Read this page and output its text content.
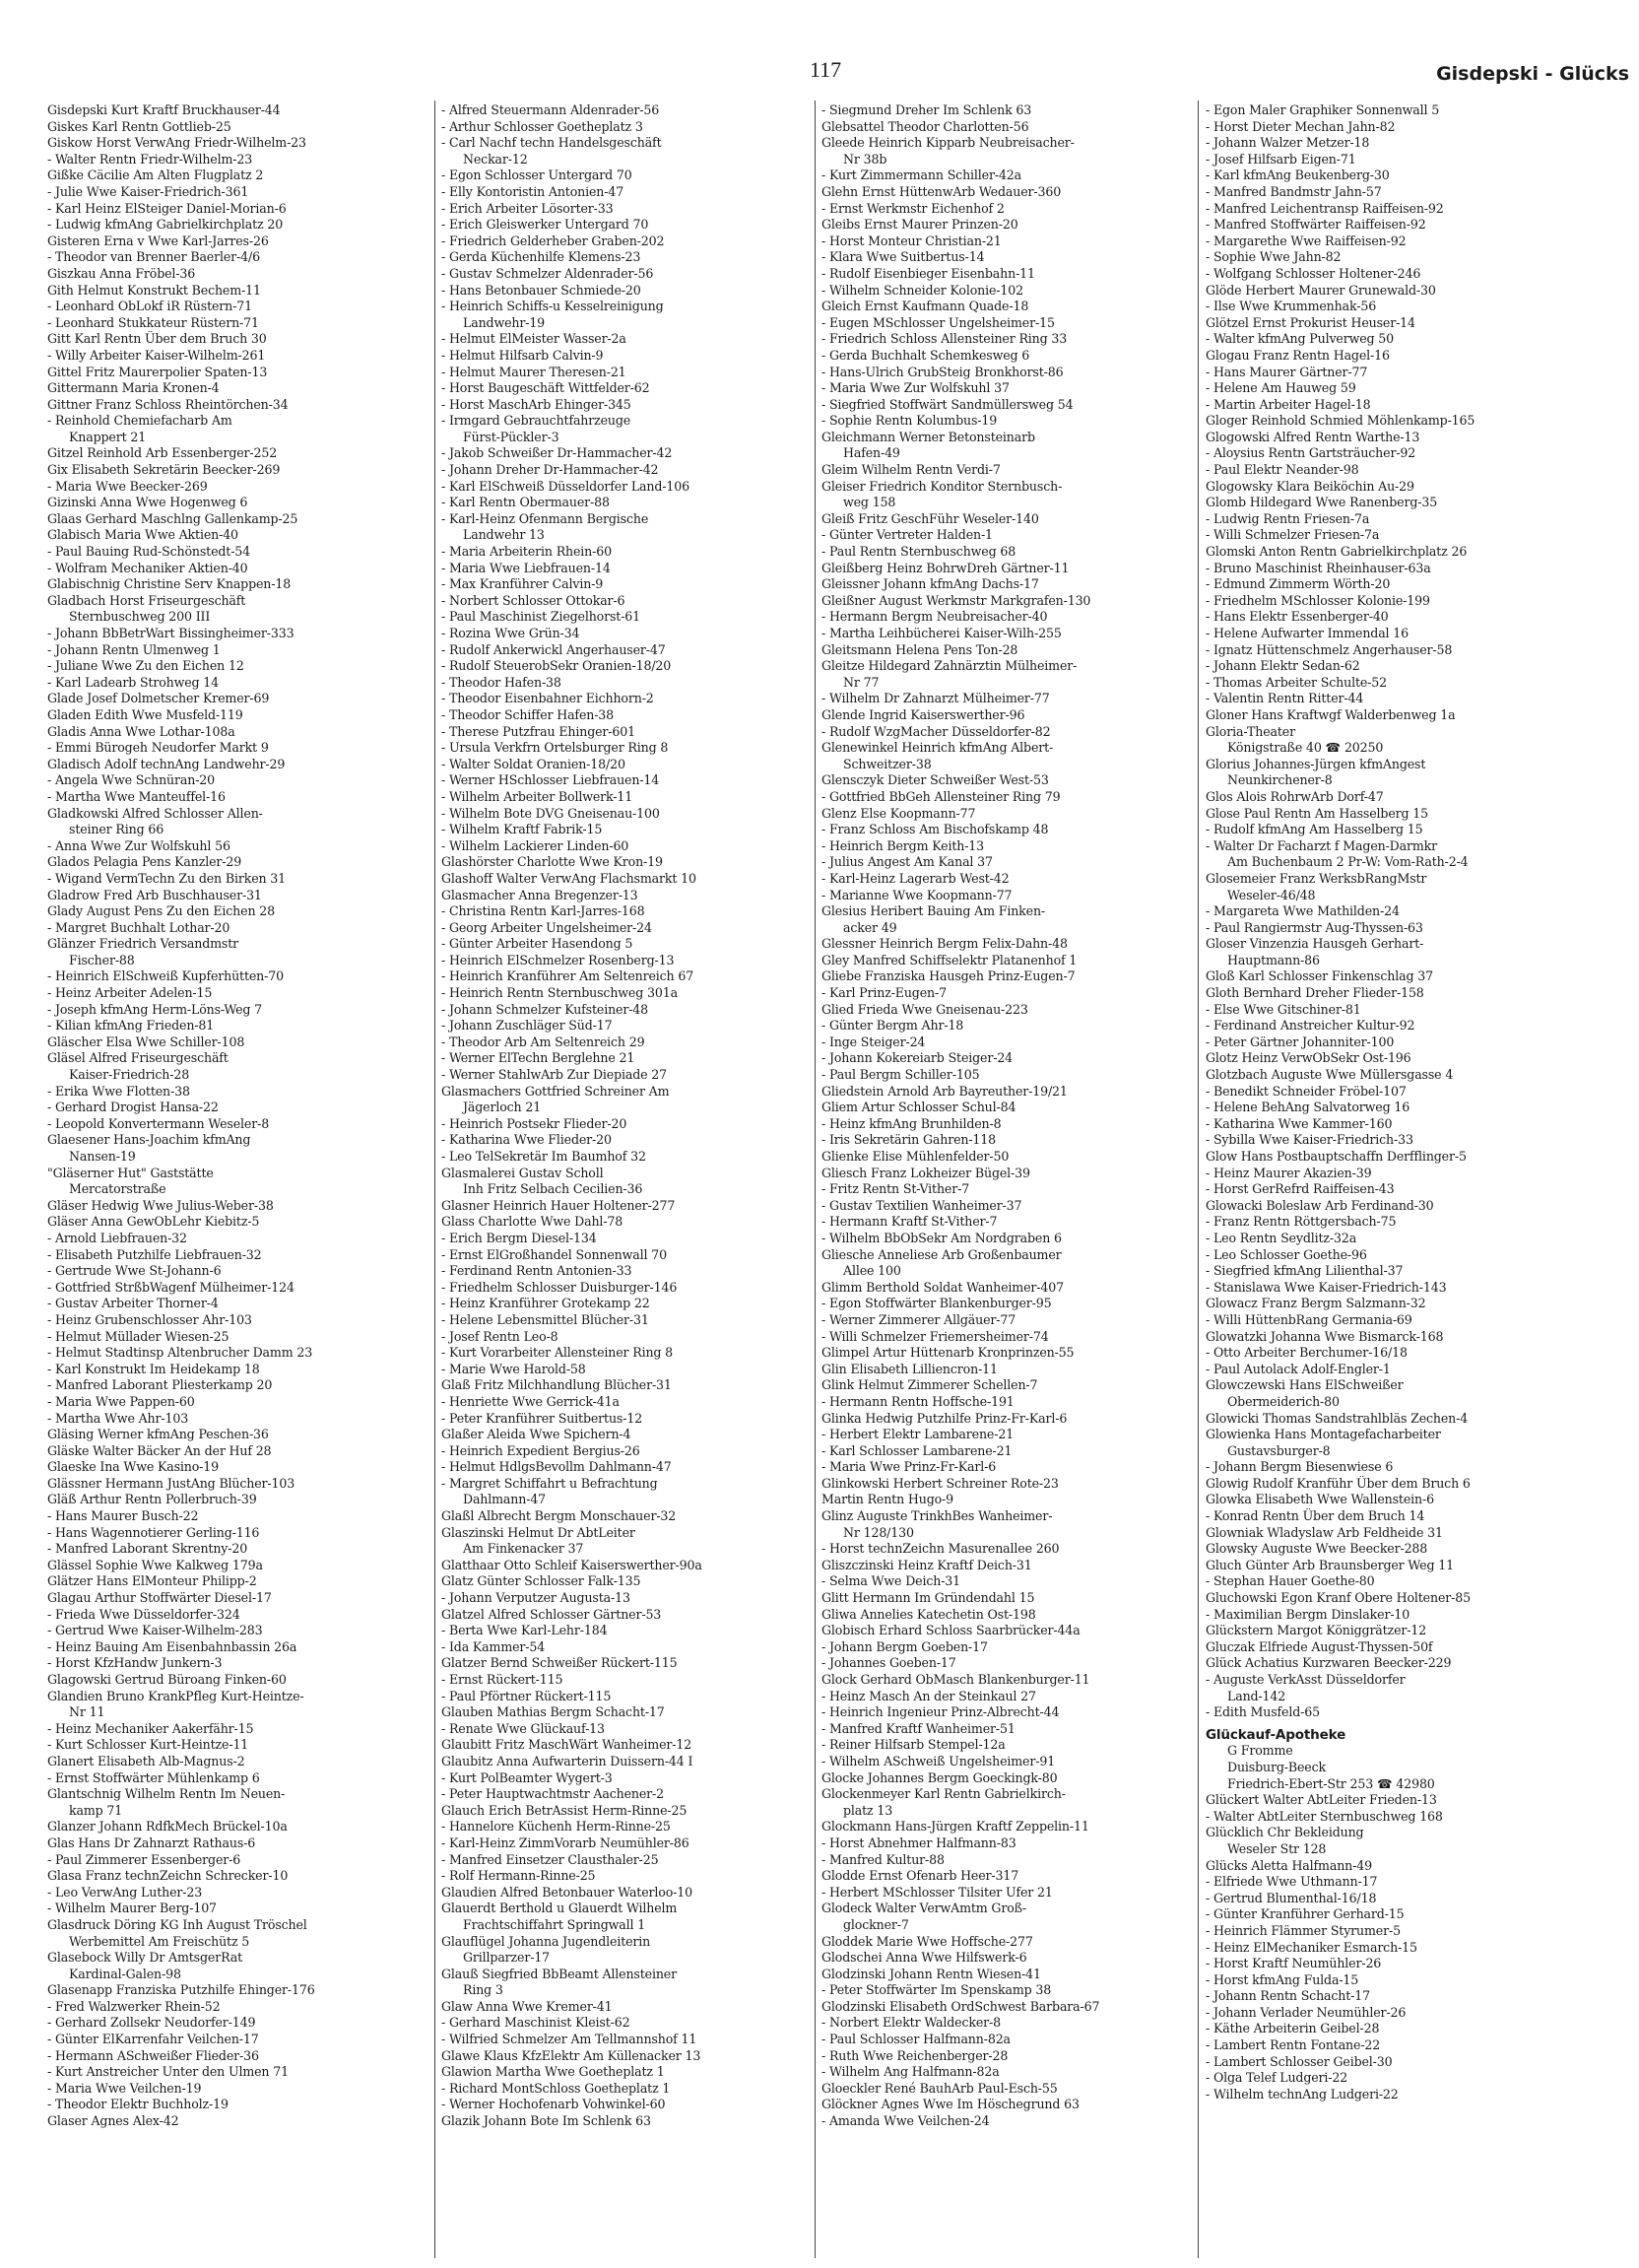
117	Gisdepski - Glücks
Gisdepski Kurt Kraftf Bruckhauser-44
Giskes Karl Rentn Gottlieb-25
Giskow Horst VerwAng Friedr-Wilhelm-23
- Walter Rentn Friedr-Wilhelm-23
Gißke Cäcilie Am Alten Flugplatz 2
- Julie Wwe Kaiser-Friedrich-361
- Karl Heinz ElSteiger Daniel-Morian-6
- Ludwig kfmAng Gabrielkirchplatz 20
Gisteren Erna v Wwe Karl-Jarres-26
- Theodor van Brenner Baerler-4/6
Giszkau Anna Fröbel-36
Gith Helmut Konstrukt Bechem-11
- Leonhard ObLokf iR Rüstern-71
- Leonhard Stukkateur Rüstern-71
Gitt Karl Rentn Über dem Bruch 30
- Willy Arbeiter Kaiser-Wilhelm-261
Gittel Fritz Maurerpolier Spaten-13
Gittermann Maria Kronen-4
Gittner Franz Schloss Rheintörchen-34
- Reinhold Chemiefacharb Am
Knappert 21
Gitzel Reinhold Arb Essenberger-252
Gix Elisabeth Sekretärin Beecker-269
- Maria Wwe Beecker-269
Gizinski Anna Wwe Hogenweg 6
Glaas Gerhard Maschlng Gallenkamp-25
Glabisch Maria Wwe Aktien-40
- Paul Bauing Rud-Schönstedt-54
- Wolfram Mechaniker Aktien-40
Glabischnig Christine Serv Knappen-18
Gladbach Horst Friseurgeschäft
Sternbuschweg 200 III
- Johann BbBetrWart Bissingheimer-333
- Johann Rentn Ulmenweg 1
- Juliane Wwe Zu den Eichen 12
- Karl Ladearb Strohweg 14
Glade Josef Dolmetscher Kremer-69
Gladen Edith Wwe Musfeld-119
Gladis Anna Wwe Lothar-108a
- Emmi Bürogeh Neudorfer Markt 9
Gladisch Adolf technAng Landwehr-29
- Angela Wwe Schnüran-20
- Martha Wwe Manteuffel-16
Gladkowski Alfred Schlosser Allen-
steiner Ring 66
- Anna Wwe Zur Wolfskuhl 56
Glados Pelagia Pens Kanzler-29
- Wigand VermTechn Zu den Birken 31
Gladrow Fred Arb Buschhauser-31
Glady August Pens Zu den Eichen 28
- Margret Buchhalt Lothar-20
Glänzer Friedrich Versandmstr
Fischer-88
- Heinrich ElSchweiß Kupferhütten-70
- Heinz Arbeiter Adelen-15
- Joseph kfmAng Herm-Löns-Weg 7
- Kilian kfmAng Frieden-81
Gläscher Elsa Wwe Schiller-108
Gläsel Alfred Friseurgeschäft
Kaiser-Friedrich-28
- Erika Wwe Flotten-38
- Gerhard Drogist Hansa-22
- Leopold Konvertermann Weseler-8
Glaesener Hans-Joachim kfmAng
Nansen-19
"Gläserner Hut" Gaststätte
Mercatorstraße
Gläser Hedwig Wwe Julius-Weber-38
Gläser Anna GewObLehr Kiebitz-5
- Arnold Liebfrauen-32
- Elisabeth Putzhilfe Liebfrauen-32
- Gertrude Wwe St-Johann-6
- Gottfried StrßbWagenf Mülheimer-124
- Gustav Arbeiter Thorner-4
- Heinz Grubenschlosser Ahr-103
- Helmut Müllader Wiesen-25
- Helmut Stadtinsp Altenbrucher Damm 23
- Karl Konstrukt Im Heidekamp 18
- Manfred Laborant Pliesterkamp 20
- Maria Wwe Pappen-60
- Martha Wwe Ahr-103
Gläsing Werner kfmAng Peschen-36
Gläske Walter Bäcker An der Huf 28
Glaeske Ina Wwe Kasino-19
Glässner Hermann JustAng Blücher-103
Gläß Arthur Rentn Pollerbruch-39
- Hans Maurer Busch-22
- Hans Wagennotierer Gerling-116
- Manfred Laborant Skrentny-20
Glässel Sophie Wwe Kalkweg 179a
Glätzer Hans ElMonteur Philipp-2
Glagau Arthur Stoffwärter Diesel-17
- Frieda Wwe Düsseldorfer-324
- Gertrud Wwe Kaiser-Wilhelm-283
- Heinz Bauing Am Eisenbahnbassin 26a
- Horst KfzHandw Junkern-3
Glagowski Gertrud Büroang Finken-60
Glandien Bruno KrankPfleg Kurt-Heintze-
Nr 11
- Heinz Mechaniker Aakerfähr-15
- Kurt Schlosser Kurt-Heintze-11
Glanert Elisabeth Alb-Magnus-2
- Ernst Stoffwärter Mühlenkamp 6
Glantschnig Wilhelm Rentn Im Neuen-
kamp 71
Glanzer Johann RdfkMech Brückel-10a
Glas Hans Dr Zahnarzt Rathaus-6
- Paul Zimmerer Essenberger-6
Glasa Franz technZeichn Schrecker-10
- Leo VerwAng Luther-23
- Wilhelm Maurer Berg-107
Glasdruck Döring KG Inh August Tröschel
Werbemittel Am Freischütz 5
Glasebock Willy Dr AmtsgerRat
Kardinal-Galen-98
Glasenapp Franziska Putzhilfe Ehinger-176
- Fred Walzwerker Rhein-52
- Gerhard Zollsekr Neudorfer-149
- Günter ElKarrenfahr Veilchen-17
- Hermann ASchweißer Flieder-36
- Kurt Anstreicher Unter den Ulmen 71
- Maria Wwe Veilchen-19
- Theodor Elektr Buchholz-19
Glaser Agnes Alex-42
- Alfred Steuermann Aldenrader-56
- Arthur Schlosser Goetheplatz 3
- Carl Nachf techn Handelsgeschäft
Neckar-12
- Egon Schlosser Untergard 70
- Elly Kontoristin Antonien-47
- Erich Arbeiter Lösorter-33
- Erich Gleiswerker Untergard 70
- Friedrich Gelderheber Graben-202
- Gerda Küchenhilfe Klemens-23
- Gustav Schmelzer Aldenrader-56
- Hans Betonbauer Schmiede-20
- Heinrich Schiffs-u Kesselreinigung
Landwehr-19
- Helmut ElMeister Wasser-2a
- Helmut Hilfsarb Calvin-9
- Helmut Maurer Theresen-21
- Horst Baugeschäft Wittfelder-62
- Horst MaschArb Ehinger-345
- Irmgard Gebrauchtfahrzeuge
Fürst-Pückler-3
- Jakob Schweißer Dr-Hammacher-42
- Johann Dreher Dr-Hammacher-42
- Karl ElSchweiß Düsseldorfer Land-106
- Karl Rentn Obermauer-88
- Karl-Heinz Ofenmann Bergische
Landwehr 13
- Maria Arbeiterin Rhein-60
- Maria Wwe Liebfrauen-14
- Max Kranführer Calvin-9
- Norbert Schlosser Ottokar-6
- Paul Maschinist Ziegelhorst-61
- Rozina Wwe Grün-34
- Rudolf Ankerwickl Angerhauser-47
- Rudolf SteuerobSekr Oranien-18/20
- Theodor Hafen-38
- Theodor Eisenbahner Eichhorn-2
- Theodor Schiffer Hafen-38
- Therese Putzfrau Ehinger-601
- Ursula Verkfrn Ortelsburger Ring 8
- Walter Soldat Oranien-18/20
- Werner HSchlosser Liebfrauen-14
- Wilhelm Arbeiter Bollwerk-11
- Wilhelm Bote DVG Gneisenau-100
- Wilhelm Kraftf Fabrik-15
- Wilhelm Lackierer Linden-60
Glashörster Charlotte Wwe Kron-19
Glashoff Walter VerwAng Flachsmarkt 10
Glasmacher Anna Bregenzer-13
- Christina Rentn Karl-Jarres-168
- Georg Arbeiter Ungelsheimer-24
- Günter Arbeiter Hasendong 5
- Heinrich ElSchmelzer Rosenberg-13
- Heinrich Kranführer Am Seltenreich 67
- Heinrich Rentn Sternbuschweg 301a
- Johann Schmelzer Kufsteiner-48
- Johann Zuschläger Süd-17
- Theodor Arb Am Seltenreich 29
- Werner ElTechn Berglehne 21
- Werner StahlwArb Zur Diepiade 27
Glasmachers Gottfried Schreiner Am
Jägerloch 21
- Heinrich Postsekr Flieder-20
- Katharina Wwe Flieder-20
- Leo TelSekretär Im Baumhof 32
Glasmalerei Gustav Scholl
Inh Fritz Selbach Cecilien-36
Glasner Heinrich Hauer Holtener-277
Glass Charlotte Wwe Dahl-78
- Erich Bergm Diesel-134
- Ernst ElGroßhandel Sonnenwall 70
- Ferdinand Rentn Antonien-33
- Friedhelm Schlosser Duisburger-146
- Heinz Kranführer Grotekamp 22
- Helene Lebensmittel Blücher-31
- Josef Rentn Leo-8
- Kurt Vorarbeiter Allensteiner Ring 8
- Marie Wwe Harold-58
Glaß Fritz Milchhandlung Blücher-31
- Henriette Wwe Gerrick-41a
- Peter Kranführer Suitbertus-12
Glaßer Aleida Wwe Spichern-4
- Heinrich Expedient Bergius-26
- Helmut HdlgsBevollm Dahlmann-47
- Margret Schiffahrt u Befrachtung
Dahlmann-47
Glaßl Albrecht Bergm Monschauer-32
Glaszinski Helmut Dr AbtLeiter
Am Finkenacker 37
Glatthaar Otto Schleif Kaiserswerther-90a
Glatz Günter Schlosser Falk-135
- Johann Verputzer Augusta-13
Glatzel Alfred Schlosser Gärtner-53
- Berta Wwe Karl-Lehr-184
- Ida Kammer-54
Glatzer Bernd Schweißer Rückert-115
- Ernst Rückert-115
- Paul Pförtner Rückert-115
Glauben Mathias Bergm Schacht-17
- Renate Wwe Glückauf-13
Glaubitt Fritz MaschWärt Wanheimer-12
Glaubitz Anna Aufwarterin Duissern-44 I
- Kurt PolBeamter Wygert-3
- Peter Hauptwachtmstr Aachener-2
Glauch Erich BetrAssist Herm-Rinne-25
- Hannelore Küchenh Herm-Rinne-25
- Karl-Heinz ZimmVorarb Neumühler-86
- Manfred Einsetzer Clausthaler-25
- Rolf Hermann-Rinne-25
Glaudien Alfred Betonbauer Waterloo-10
Glauerdt Berthold u Glauerdt Wilhelm
Frachtschiffahrt Springwall 1
Glauflügel Johanna Jugendleiterin
Grillparzer-17
Glauß Siegfried BbBeamt Allensteiner
Ring 3
Glaw Anna Wwe Kremer-41
- Gerhard Maschinist Kleist-62
- Wilfried Schmelzer Am Tellmannshof 11
Glawe Klaus KfzElektr Am Küllenacker 13
Glawion Martha Wwe Goetheplatz 1
- Richard MontSchloss Goetheplatz 1
- Werner Hochofenarb Vohwinkel-60
Glazik Johann Bote Im Schlenk 63
- Siegmund Dreher Im Schlenk 63
Glebsattel Theodor Charlotten-56
Gleede Heinrich Kipparb Neubreisacher-
Nr 38b
- Kurt Zimmermann Schiller-42a
Glehn Ernst HüttenwArb Wedauer-360
- Ernst Werkmstr Eichenhof 2
Gleibs Ernst Maurer Prinzen-20
- Horst Monteur Christian-21
- Klara Wwe Suitbertus-14
- Rudolf Eisenbieger Eisenbahn-11
- Wilhelm Schneider Kolonie-102
Gleich Ernst Kaufmann Quade-18
- Eugen MSchlosser Ungelsheimer-15
- Friedrich Schloss Allensteiner Ring 33
- Gerda Buchhalt Schemkesweg 6
- Hans-Ulrich GrubSteig Bronkhorst-86
- Maria Wwe Zur Wolfskuhl 37
- Siegfried Stoffwärt Sandmüllersweg 54
- Sophie Rentn Kolumbus-19
Gleichmann Werner Betonsteinarb
Hafen-49
Gleim Wilhelm Rentn Verdi-7
Gleiser Friedrich Konditor Sternbusch-
weg 158
Gleiß Fritz GeschFühr Weseler-140
- Günter Vertreter Halden-1
- Paul Rentn Sternbuschweg 68
Gleißberg Heinz BohrwDreh Gärtner-11
Gleissner Johann kfmAng Dachs-17
Gleißner August Werkmstr Markgrafen-130
- Hermann Bergm Neubreisacher-40
- Martha Leihbücherei Kaiser-Wilh-255
Gleitsmann Helena Pens Ton-28
Gleitze Hildegard Zahnärztin Mülheimer-
Nr 77
- Wilhelm Dr Zahnarzt Mülheimer-77
Glende Ingrid Kaiserswerther-96
- Rudolf WzgMacher Düsseldorfer-82
Glenewinkel Heinrich kfmAng Albert-
Schweitzer-38
Glensczyk Dieter Schweißer West-53
- Gottfried BbGeh Allensteiner Ring 79
Glenz Else Koopmann-77
- Franz Schloss Am Bischofskamp 48
- Heinrich Bergm Keith-13
- Julius Angest Am Kanal 37
- Karl-Heinz Lagerarb West-42
- Marianne Wwe Koopmann-77
Glesius Heribert Bauing Am Finken-
acker 49
Glessner Heinrich Bergm Felix-Dahn-48
Gley Manfred Schiffselektr Platanenhof 1
Gliebe Franziska Hausgeh Prinz-Eugen-7
- Karl Prinz-Eugen-7
Glied Frieda Wwe Gneisenau-223
- Günter Bergm Ahr-18
- Inge Steiger-24
- Johann Kokereiarb Steiger-24
- Paul Bergm Schiller-105
Gliedstein Arnold Arb Bayreuther-19/21
Gliem Artur Schlosser Schul-84
- Heinz kfmAng Brunhilden-8
- Iris Sekretärin Gahren-118
Glienke Elise Mühlenfelder-50
Gliesch Franz Lokheizer Bügel-39
- Fritz Rentn St-Vither-7
- Gustav Textilien Wanheimer-37
- Hermann Kraftf St-Vither-7
- Wilhelm BbObSekr Am Nordgraben 6
Gliesche Anneliese Arb Großenbaumer
Allee 100
Glimm Berthold Soldat Wanheimer-407
- Egon Stoffwärter Blankenburger-95
- Werner Zimmerer Allgäuer-77
- Willi Schmelzer Friemersheimer-74
Glimpel Artur Hüttenarb Kronprinzen-55
Glin Elisabeth Lilliencron-11
Glink Helmut Zimmerer Schellen-7
- Hermann Rentn Hoffsche-191
Glinka Hedwig Putzhilfe Prinz-Fr-Karl-6
- Herbert Elektr Lambarene-21
- Karl Schlosser Lambarene-21
- Maria Wwe Prinz-Fr-Karl-6
Glinkowski Herbert Schreiner Rote-23
Martin Rentn Hugo-9
Glinz Auguste TrinkhBes Wanheimer-
Nr 128/130
- Horst technZeichn Masurenallee 260
Gliszczinski Heinz Kraftf Deich-31
- Selma Wwe Deich-31
Glitt Hermann Im Gründendahl 15
Gliwa Annelies Katechetin Ost-198
Globisch Erhard Schloss Saarbrücker-44a
- Johann Bergm Goeben-17
- Johannes Goeben-17
Glock Gerhard ObMasch Blankenburger-11
- Heinz Masch An der Steinkaul 27
- Heinrich Ingenieur Prinz-Albrecht-44
- Manfred Kraftf Wanheimer-51
- Reiner Hilfsarb Stempel-12a
- Wilhelm ASchweiß Ungelsheimer-91
Glocke Johannes Bergm Goeckingk-80
Glockenmeyer Karl Rentn Gabrielkirch-
platz 13
Glockmann Hans-Jürgen Kraftf Zeppelin-11
- Horst Abnehmer Halfmann-83
- Manfred Kultur-88
Glodde Ernst Ofenarb Heer-317
- Herbert MSchlosser Tilsiter Ufer 21
Glodeck Walter VerwAmtm Groß-
glockner-7
Gloddek Marie Wwe Hoffsche-277
Glodschei Anna Wwe Hilfswerk-6
Glodzinski Johann Rentn Wiesen-41
- Peter Stoffwärter Im Spenskamp 38
Glodzinski Elisabeth OrdSchwest Barbara-67
- Norbert Elektr Waldecker-8
- Paul Schlosser Halfmann-82a
- Ruth Wwe Reichenberger-28
- Wilhelm Ang Halfmann-82a
Gloeckler René BauhArb Paul-Esch-55
Glöckner Agnes Wwe Im Höschegrund 63
- Amanda Wwe Veilchen-24
- Egon Maler Graphiker Sonnenwall 5
- Horst Dieter Mechan Jahn-82
- Johann Walzer Metzer-18
- Josef Hilfsarb Eigen-71
- Karl kfmAng Beukenberg-30
- Manfred Bandmstr Jahn-57
- Manfred Leichentransp Raiffeisen-92
- Manfred Stoffwärter Raiffeisen-92
- Margarethe Wwe Raiffeisen-92
- Sophie Wwe Jahn-82
- Wolfgang Schlosser Holtener-246
Glöde Herbert Maurer Grunewald-30
- Ilse Wwe Krummenhak-56
Glötzel Ernst Prokurist Heuser-14
- Walter kfmAng Pulverweg 50
Glogau Franz Rentn Hagel-16
- Hans Maurer Gärtner-77
- Helene Am Hauweg 59
- Martin Arbeiter Hagel-18
Gloger Reinhold Schmied Möhlenkamp-165
Glogowski Alfred Rentn Warthe-13
- Aloysius Rentn Gartsträucher-92
- Paul Elektr Neander-98
Glogowsky Klara Beiköchin Au-29
Glomb Hildegard Wwe Ranenberg-35
- Ludwig Rentn Friesen-7a
- Willi Schmelzer Friesen-7a
Glomski Anton Rentn Gabrielkirchplatz 26
- Bruno Maschinist Rheinhauser-63a
- Edmund Zimmerm Wörth-20
- Friedhelm MSchlosser Kolonie-199
- Hans Elektr Essenberger-40
- Helene Aufwarter Immendal 16
- Ignatz Hüttenschmelz Angerhauser-58
- Johann Elektr Sedan-62
- Thomas Arbeiter Schulte-52
- Valentin Rentn Ritter-44
Gloner Hans Kraftwgf Walderbenweg 1a
Gloria-Theater
Königstraße 40 ☎ 20250
Glorius Johannes-Jürgen kfmAngest
Neunkirchener-8
Glos Alois RohrwArb Dorf-47
Glose Paul Rentn Am Hasselberg 15
- Rudolf kfmAng Am Hasselberg 15
- Walter Dr Facharzt f Magen-Darmkr
Am Buchenbaum 2 Pr-W: Vom-Rath-2-4
Glosemeier Franz WerksbRangMstr
Weseler-46/48
- Margareta Wwe Mathilden-24
- Paul Rangiermstr Aug-Thyssen-63
Gloser Vinzenzia Hausgeh Gerhart-
Hauptmann-86
Gloß Karl Schlosser Finkenschlag 37
Gloth Bernhard Dreher Flieder-158
- Else Wwe Gitschiner-81
- Ferdinand Anstreicher Kultur-92
- Peter Gärtner Johanniter-100
Glotz Heinz VerwObSekr Ost-196
Glotzbach Auguste Wwe Müllersgasse 4
- Benedikt Schneider Fröbel-107
- Helene BehAng Salvatorweg 16
- Katharina Wwe Kammer-160
- Sybilla Wwe Kaiser-Friedrich-33
Glow Hans Postbauptschaffn Derfflinger-5
- Heinz Maurer Akazien-39
- Horst GerRefrd Raiffeisen-43
Glowacki Boleslaw Arb Ferdinand-30
- Franz Rentn Röttgersbach-75
- Leo Rentn Seydlitz-32a
- Leo Schlosser Goethe-96
- Siegfried kfmAng Lilienthal-37
- Stanislawa Wwe Kaiser-Friedrich-143
Glowacz Franz Bergm Salzmann-32
- Willi HüttenbRang Germania-69
Glowatzki Johanna Wwe Bismarck-168
- Otto Arbeiter Berchumer-16/18
- Paul Autolack Adolf-Engler-1
Glowczewski Hans ElSchweißer
Obermeiderich-80
Glowicki Thomas Sandstrahlbläs Zechen-4
Glowienka Hans Montagefacharbeiter
Gustavsburger-8
- Johann Bergm Biesenwiese 6
Glowig Rudolf Kranführ Über dem Bruch 6
Glowka Elisabeth Wwe Wallenstein-6
- Konrad Rentn Über dem Bruch 14
Glowniak Wladyslaw Arb Feldheide 31
Glowsky Auguste Wwe Beecker-288
Gluch Günter Arb Braunsberger Weg 11
- Stephan Hauer Goethe-80
Gluchowski Egon Kranf Obere Holtener-85
- Maximilian Bergm Dinslaker-10
Glückstern Margot Königgrätzer-12
Gluczak Elfriede August-Thyssen-50f
Glück Achatius Kurzwaren Beecker-229
- Auguste VerkAsst Düsseldorfer
Land-142
- Edith Musfeld-65
Glückauf-Apotheke
G Fromme
Duisburg-Beeck
Friedrich-Ebert-Str 253 ☎ 42980
Glückert Walter AbtLeiter Frieden-13
- Walter AbtLeiter Sternbuschweg 168
Glücklich Chr Bekleidung
Weseler Str 128
Glücks Aletta Halfmann-49
- Elfriede Wwe Uthmann-17
- Gertrud Blumenthal-16/18
- Günter Kranführer Gerhard-15
- Heinrich Flämmer Styrumer-5
- Heinz ElMechaniker Esmarch-15
- Horst Kraftf Neumühler-26
- Horst kfmAng Fulda-15
- Johann Rentn Schacht-17
- Johann Verlader Neumühler-26
- Käthe Arbeiterin Geibel-28
- Lambert Rentn Fontane-22
- Lambert Schlosser Geibel-30
- Olga Telef Ludgeri-22
- Wilhelm technAng Ludgeri-22
